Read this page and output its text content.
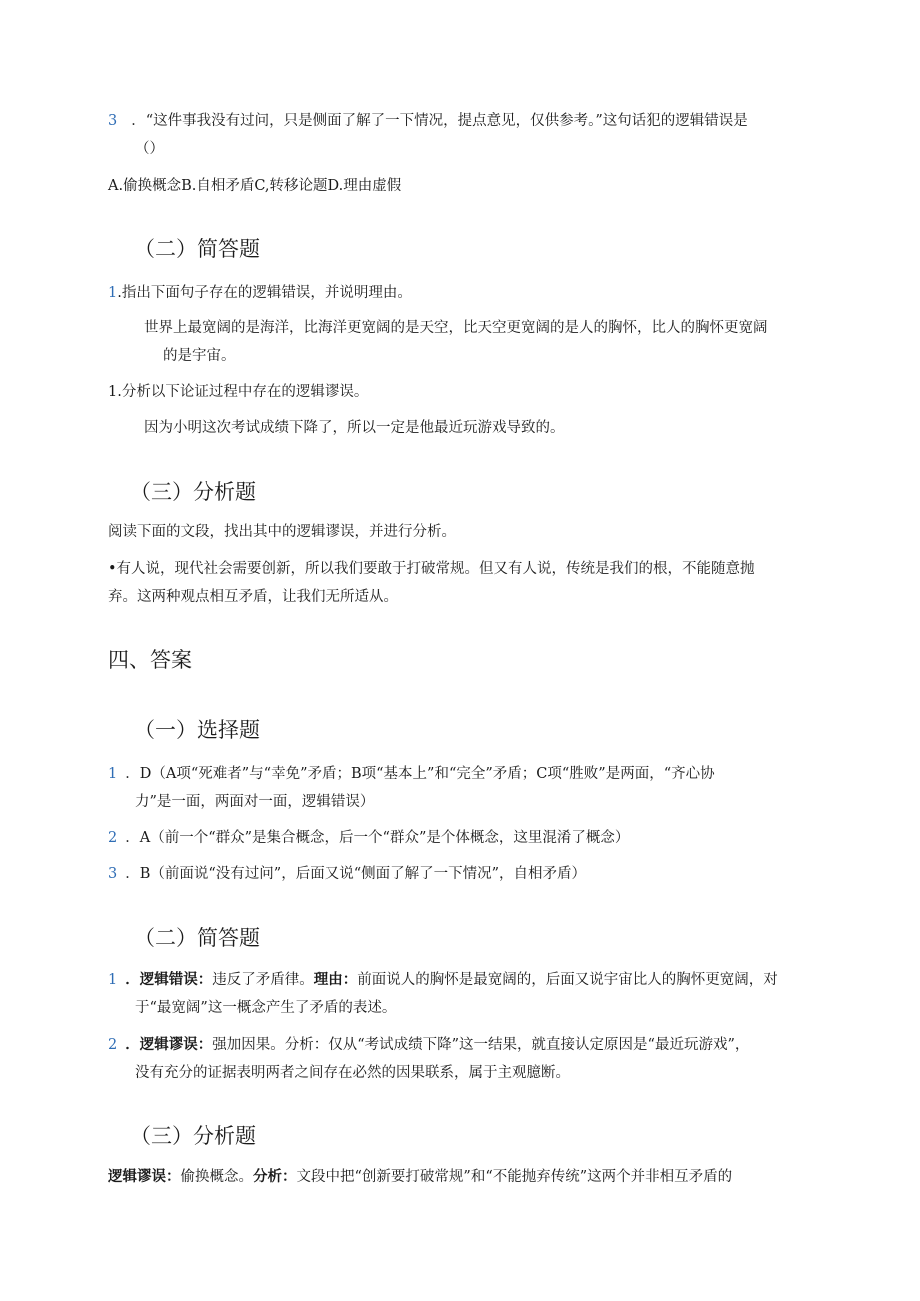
3 ．“这件事我没有过问，只是侧面了解了一下情况，提点意见，仅供参考。”这句话犯的逻辑错误是
（）
A.偷换概念B.自相矛盾C,转移论题D.理由虚假
（二）简答题
1.指出下面句子存在的逻辑错误，并说明理由。
世界上最宽阔的是海洋，比海洋更宽阔的是天空，比天空更宽阔的是人的胸怀，比人的胸怀更宽阔
的是宇宙。
1.分析以下论证过程中存在的逻辑谬误。
因为小明这次考试成绩下降了，所以一定是他最近玩游戏导致的。
（三）分析题
阅读下面的文段，找出其中的逻辑谬误，并进行分析。
•有人说，现代社会需要创新，所以我们要敢于打破常规。但又有人说，传统是我们的根，不能随意抛
弃。这两种观点相互矛盾，让我们无所适从。
四、答案
（一）选择题
1 ．D（A项“死难者”与“幸免”矛盾；B项“基本上”和“完全”矛盾；C项“胜败”是两面，“齐心协
力”是一面，两面对一面，逻辑错误）
2 ．A（前一个“群众”是集合概念，后一个“群众”是个体概念，这里混淆了概念）
3 ．B（前面说“没有过问”，后面又说“侧面了解了一下情况”，自相矛盾）
（二）简答题
1 ．逻辑错误：违反了矛盾律。理由：前面说人的胸怀是最宽阔的，后面又说宇宙比人的胸怀更宽阔，对
于“最宽阔”这一概念产生了矛盾的表述。
2 ．逻辑谬误：强加因果。分析：仅从“考试成绩下降”这一结果，就直接认定原因是“最近玩游戏”，
没有充分的证据表明两者之间存在必然的因果联系，属于主观臆断。
（三）分析题
逻辑谬误：偷换概念。分析：文段中把“创新要打破常规”和“不能抛弃传统”这两个并非相互矛盾的
